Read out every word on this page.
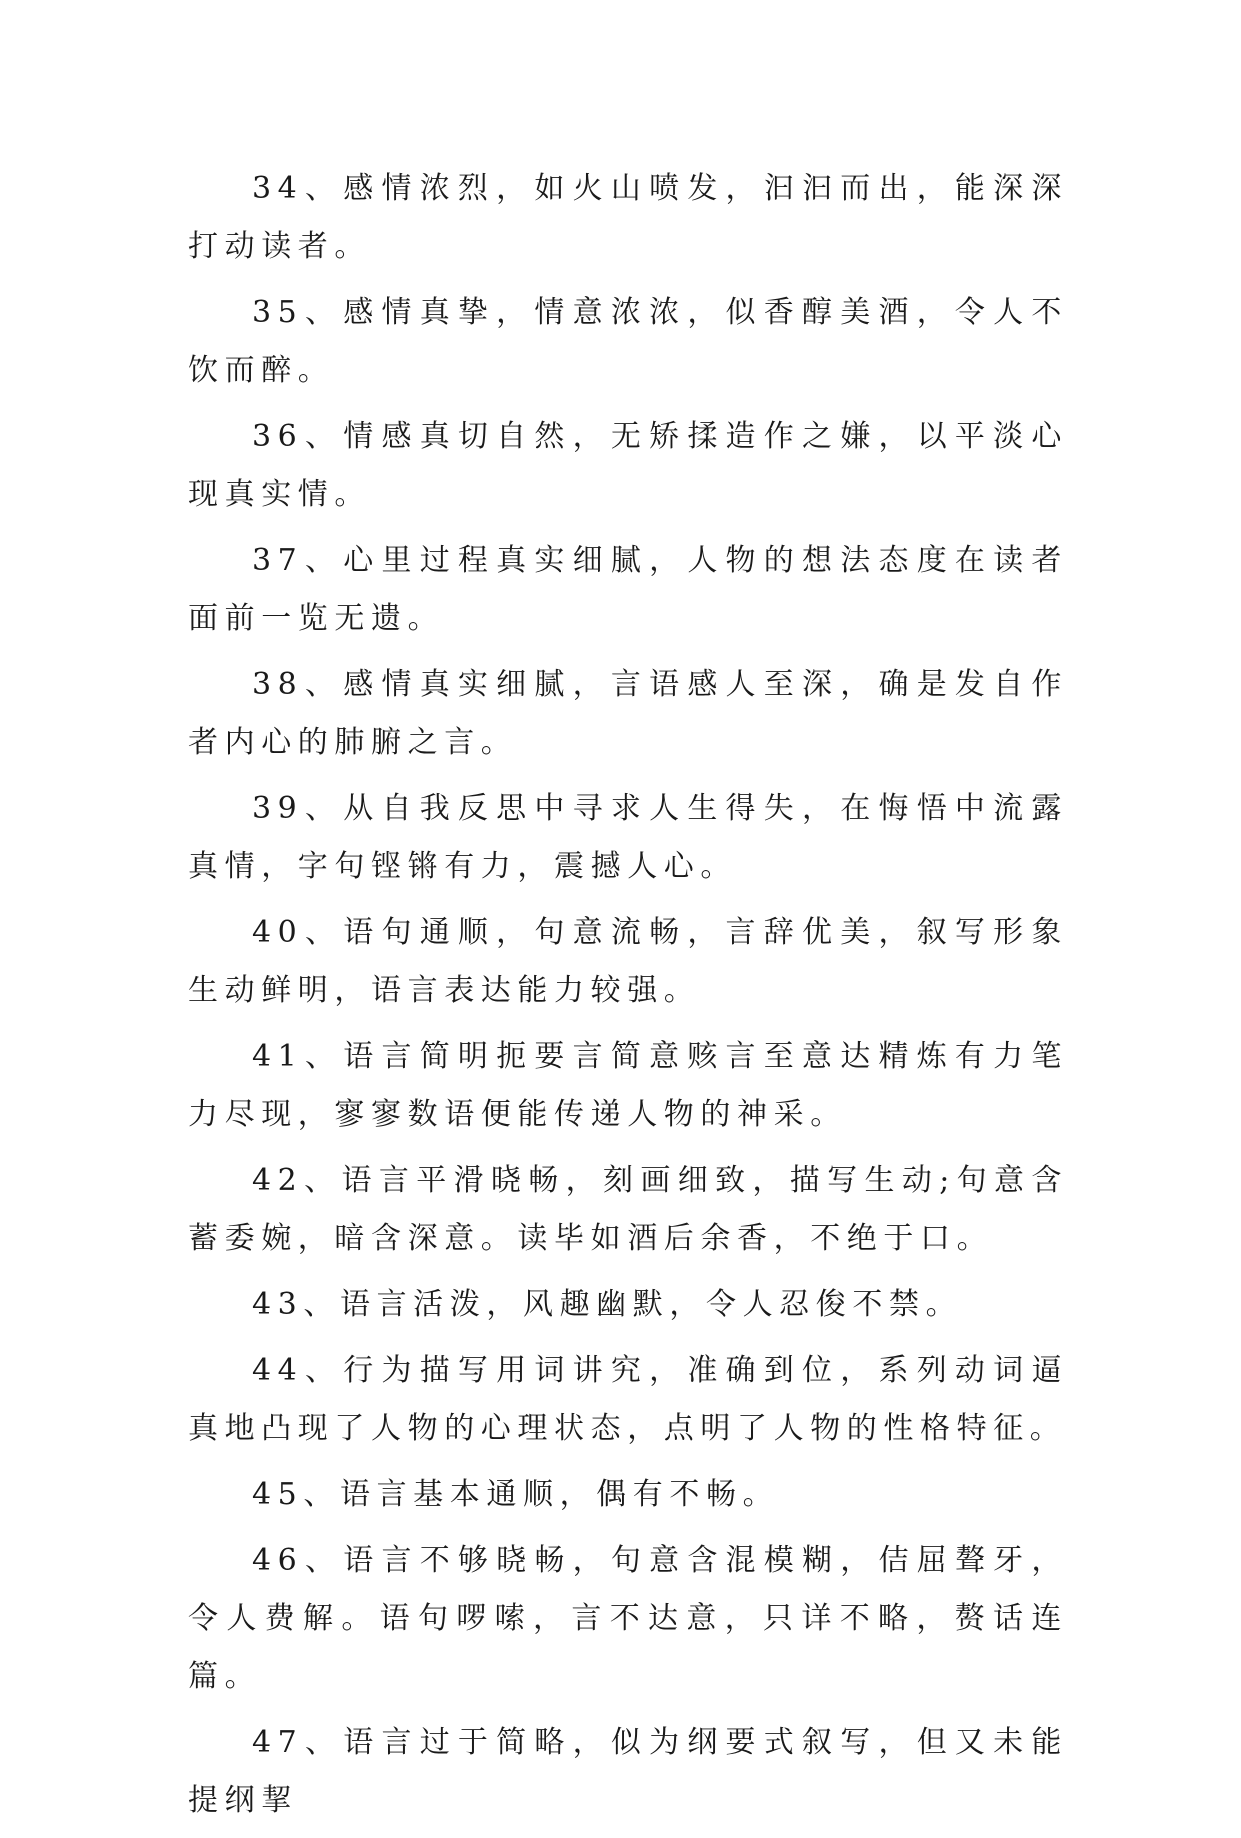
34、感情浓烈，如火山喷发，汩汩而出，能深深打动读者。

35、感情真挚，情意浓浓，似香醇美酒，令人不饮而醉。

36、情感真切自然，无矫揉造作之嫌，以平淡心现真实情。

37、心里过程真实细腻，人物的想法态度在读者面前一览无遗。

38、感情真实细腻，言语感人至深，确是发自作者内心的肺腑之言。

39、从自我反思中寻求人生得失，在悔悟中流露真情，字句铿锵有力，震撼人心。

40、语句通顺，句意流畅，言辞优美，叙写形象生动鲜明，语言表达能力较强。

41、语言简明扼要言简意赅言至意达精炼有力笔力尽现，寥寥数语便能传递人物的神采。

42、语言平滑晓畅，刻画细致，描写生动;句意含蓄委婉，暗含深意。读毕如酒后余香，不绝于口。

43、语言活泼，风趣幽默，令人忍俊不禁。

44、行为描写用词讲究，准确到位，系列动词逼真地凸现了人物的心理状态，点明了人物的性格特征。

45、语言基本通顺，偶有不畅。

46、语言不够晓畅，句意含混模糊，佶屈聱牙，令人费解。语句啰嗦，言不达意，只详不略，赘话连篇。

47、语言过于简略，似为纲要式叙写，但又未能提纲挈
